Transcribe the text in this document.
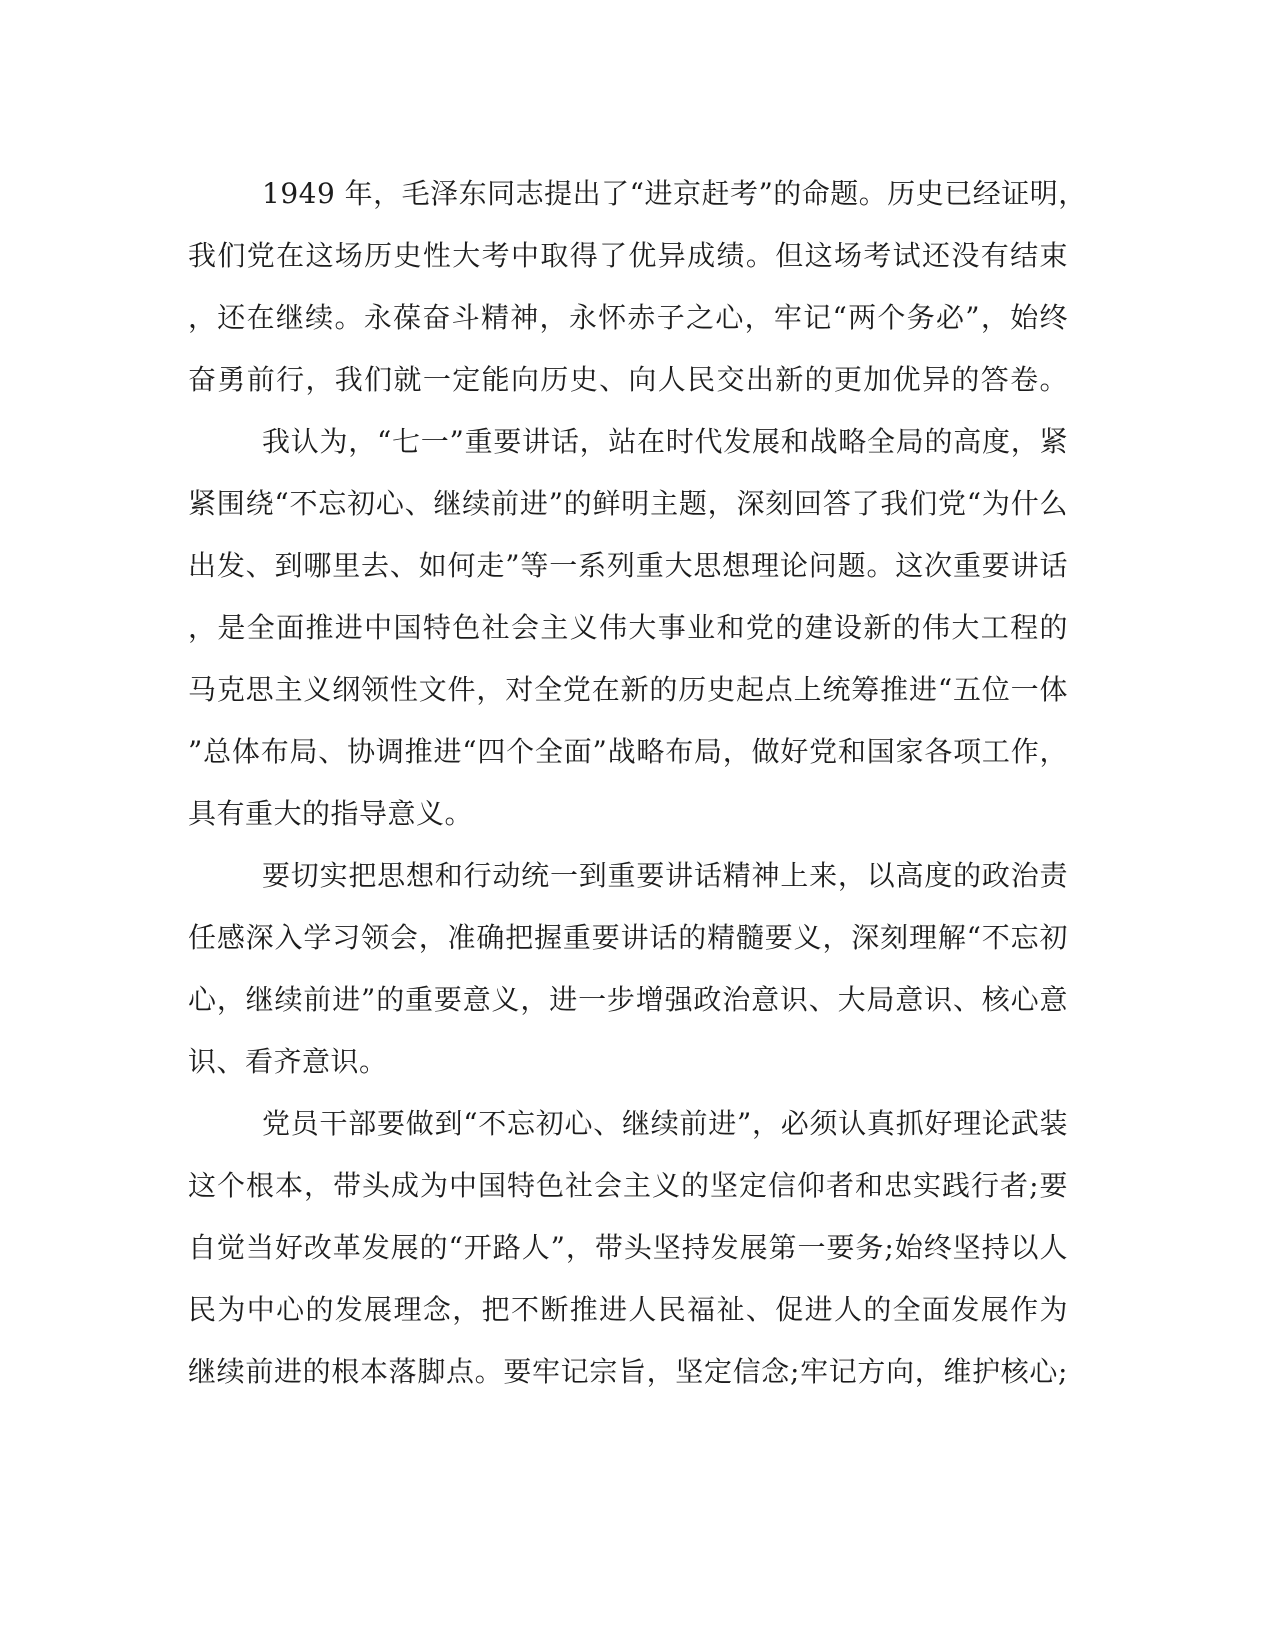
1949 年，毛泽东同志提出了“进京赶考”的命题。历史已经证明，
我们党在这场历史性大考中取得了优异成绩。但这场考试还没有结束
，还在继续。永葆奋斗精神，永怀赤子之心，牢记“两个务必”，始终
奋勇前行，我们就一定能向历史、向人民交出新的更加优异的答卷。
我认为，“七一”重要讲话，站在时代发展和战略全局的高度，紧
紧围绕“不忘初心、继续前进”的鲜明主题，深刻回答了我们党“为什么
出发、到哪里去、如何走”等一系列重大思想理论问题。这次重要讲话
，是全面推进中国特色社会主义伟大事业和党的建设新的伟大工程的
马克思主义纲领性文件，对全党在新的历史起点上统筹推进“五位一体
”总体布局、协调推进“四个全面”战略布局，做好党和国家各项工作，
具有重大的指导意义。
要切实把思想和行动统一到重要讲话精神上来，以高度的政治责
任感深入学习领会，准确把握重要讲话的精髓要义，深刻理解“不忘初
心，继续前进”的重要意义，进一步增强政治意识、大局意识、核心意
识、看齐意识。
党员干部要做到“不忘初心、继续前进”，必须认真抓好理论武装
这个根本，带头成为中国特色社会主义的坚定信仰者和忠实践行者;要
自觉当好改革发展的“开路人”，带头坚持发展第一要务;始终坚持以人
民为中心的发展理念，把不断推进人民福祉、促进人的全面发展作为
继续前进的根本落脚点。要牢记宗旨，坚定信念;牢记方向，维护核心;
